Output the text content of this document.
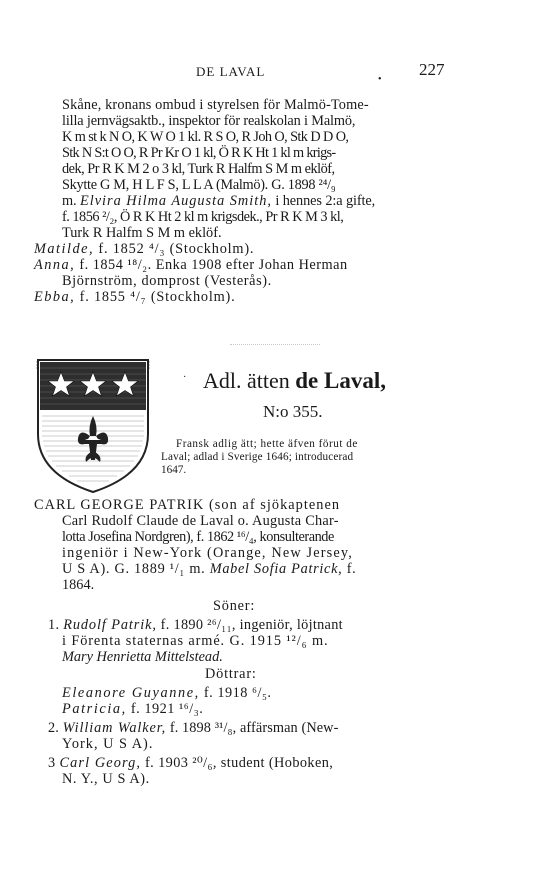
DE LAVAL
•
227
Skåne, kronans ombud i styrelsen för Malmö-Tome-
lilla jernvägsaktb., inspektor för realskolan i Malmö,
K m st k N O, K W O 1 kl. R S O, R Joh O, Stk D D O,
Stk N S:t O O, R Pr Kr O 1 kl, Ö R K Ht 1 kl m krigs-
dek, Pr R K M 2 o 3 kl, Turk R Halfm S M m eklöf,
Skytte G M, H L F S, L L A (Malmö). G. 1898 ²⁴/₉
m. Elvira Hilma Augusta Smith, i hennes 2:a gifte,
f. 1856 ²/₂, Ö R K Ht 2 kl m krigsdek., Pr R K M 3 kl,
Turk R Halfm S M m eklöf.
Matilde, f. 1852 ⁴/₃ (Stockholm).
Anna, f. 1854 ¹⁸/₂. Enka 1908 efter Johan Herman
Björnström, domprost (Vesterås).
Ebba, f. 1855 ⁴/₇ (Stockholm).
· Adl. ätten de Laval,
N:o 355.
Fransk adlig ätt; hette äfven förut de
Laval; adlad i Sverige 1646; introducerad
1647.
CARL GEORGE PATRIK (son af sjökaptenen
Carl Rudolf Claude de Laval o. Augusta Char-
lotta Josefina Nordgren), f. 1862 ¹⁶/₄, konsulterande
ingeniör i New-York (Orange, New Jersey,
U S A). G. 1889 ¹/₁ m. Mabel Sofia Patrick, f.
1864.
Söner:
1. Rudolf Patrik, f. 1890 ²⁶/₁₁, ingeniör, löjtnant
i Förenta staternas armé. G. 1915 ¹²/₆ m.
Mary Henrietta Mittelstead.
Döttrar:
Eleanore Guyanne, f. 1918 ⁶/₅.
Patricia, f. 1921 ¹⁶/₃.
2. William Walker, f. 1898 ³¹/₈, affärsman (New-
York, U S A).
3 Carl Georg, f. 1903 ²⁰/₆, student (Hoboken,
N. Y., U S A).
